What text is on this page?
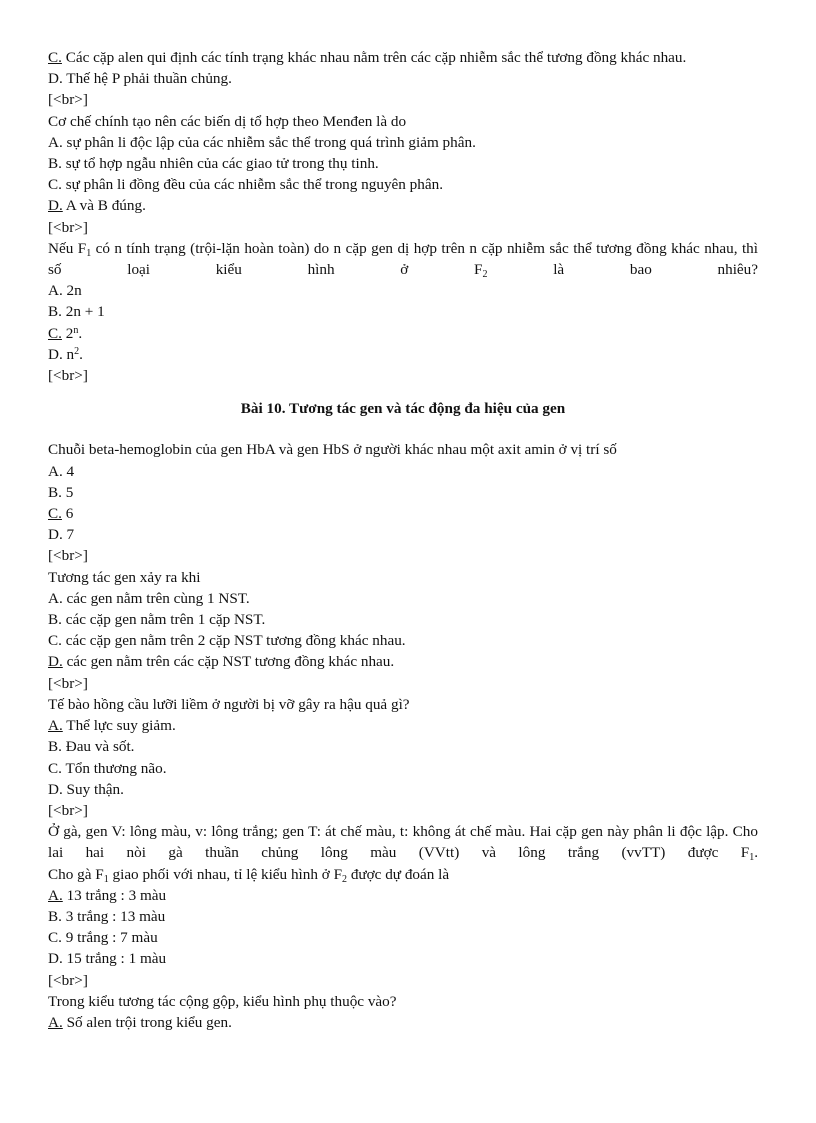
C. Các cặp alen qui định các tính trạng khác nhau nằm trên các cặp nhiễm sắc thể tương đồng khác nhau.

D. Thế hệ P phải thuần chủng.

[<br>]

Cơ chế chính tạo nên các biến dị tổ hợp theo Menđen là do

A. sự phân li độc lập của các nhiễm sắc thể trong quá trình giảm phân.

B. sự tổ hợp ngẫu nhiên của các giao tử trong thụ tinh.

C. sự phân li đồng đều của các nhiễm sắc thể trong nguyên phân.

D. A và B đúng.

[<br>]

Nếu $F_1$ có n tính trạng (trội-lặn hoàn toàn) do n cặp gen dị hợp trên n cặp nhiễm sắc thể tương đồng khác nhau, thì số loại kiểu hình ở $F_2$ là bao nhiêu?

A. 2n

B. 2n + 1

C. 2$^n$.

D. $n^2$.

[<br>]

Bài 10. Tương tác gen và tác động đa hiệu của gen

Chuỗi beta-hemoglobin của gen HbA và gen HbS ở người khác nhau một axit amin ở vị trí số

A. 4

B. 5

C. 6

D. 7

[<br>]

Tương tác gen xảy ra khi

A. các gen nằm trên cùng 1 NST.

B. các cặp gen nằm trên 1 cặp NST.

C. các cặp gen nằm trên 2 cặp NST tương đồng khác nhau.

D. các gen nằm trên các cặp NST tương đồng khác nhau.

[<br>]

Tế bào hồng cầu lưỡi liềm ở người bị vỡ gây ra hậu quả gì?

A. Thể lực suy giảm.

B. Đau và sốt.

C. Tổn thương não.

D. Suy thận.

[<br>]

Ở gà, gen V: lông màu, v: lông trắng; gen T: át chế màu, t: không át chế màu. Hai cặp gen này phân li độc lập. Cho lai hai nòi gà thuần chủng lông màu (VVtt) và lông trắng (vvTT) được $F_1$.

Cho gà $F_1$ giao phối với nhau, tỉ lệ kiểu hình ở $F_2$ được dự đoán là

A. 13 trắng : 3 màu

B. 3 trắng : 13 màu

C. 9 trắng : 7 màu

D. 15 trắng : 1 màu

[<br>]

Trong kiểu tương tác cộng gộp, kiểu hình phụ thuộc vào?

A. Số alen trội trong kiểu gen.
